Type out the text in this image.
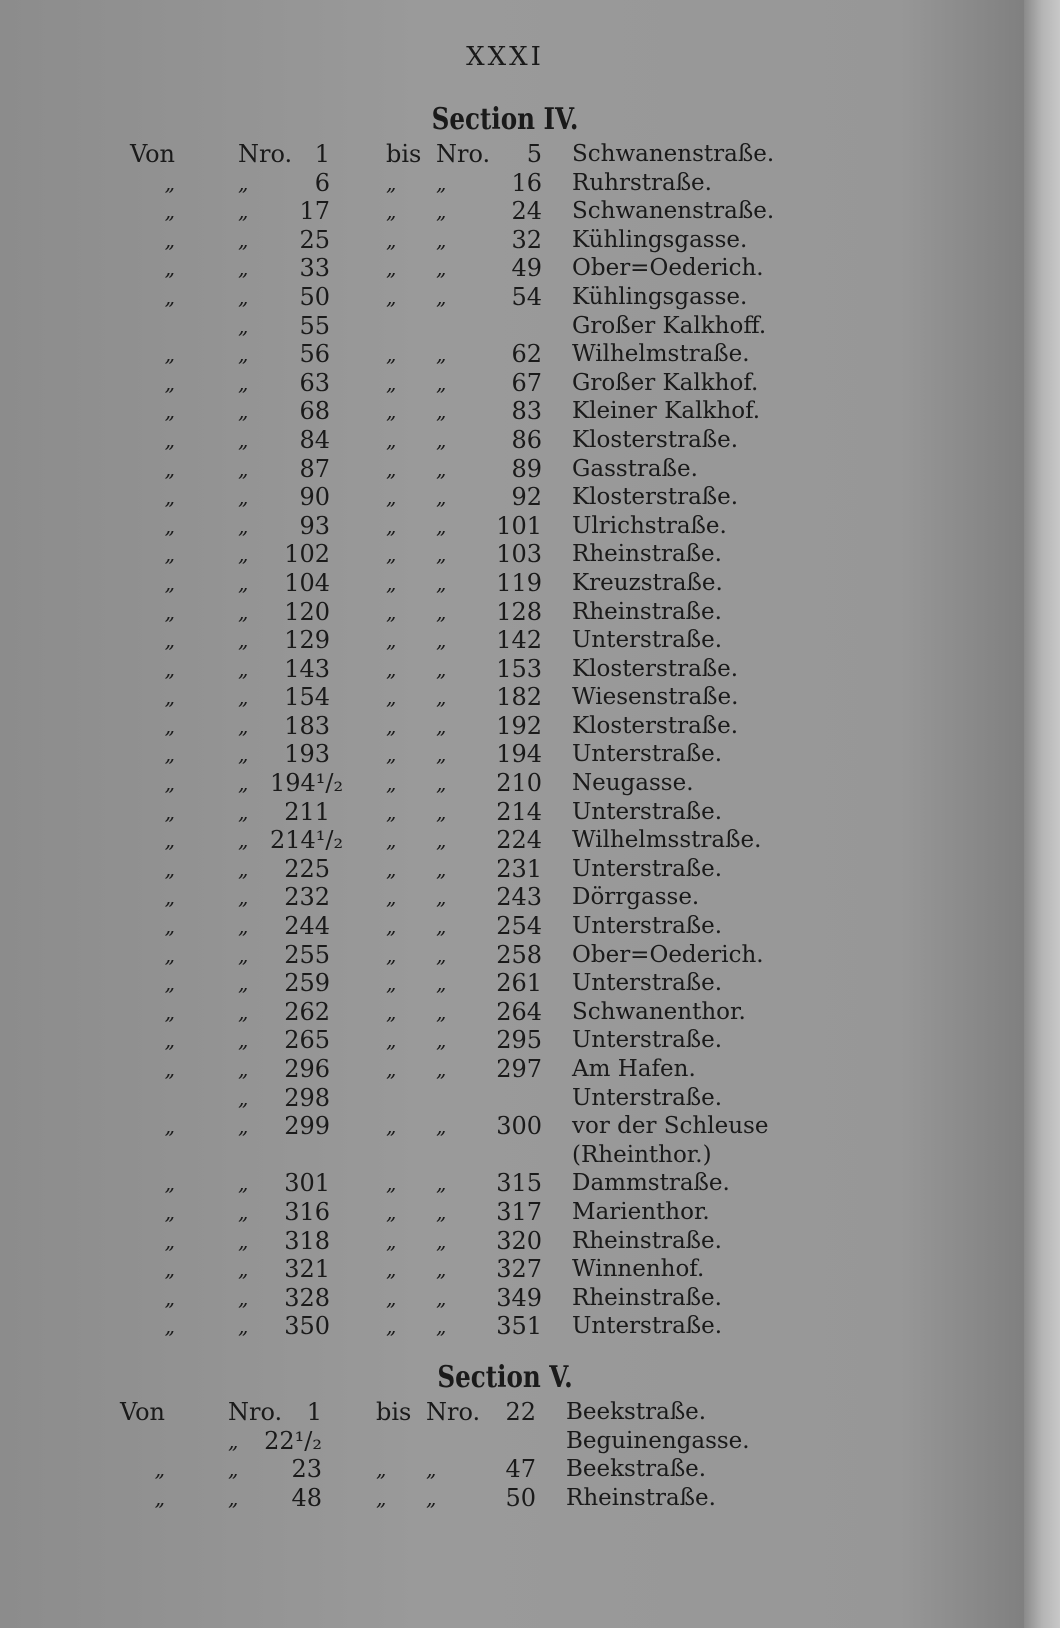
XXXI
Section IV.
Von	Nro. 1 bis Nro.	5 Schwanenstraße.
„	„	6	„ „	16 Ruhrstraße.
„	„	17	„ „	24 Schwanenstraße.
„	„	25	„ „	32 Kühlingsgasse.
„	„	33	„ „	49 Ober=Oederich.
„	„	50	„ „	54 Kühlingsgasse.
„	55	Großer Kalkhoff.
„	„	56	„ „	62 Wilhelmstraße.
„	„	63	„ „	67 Großer Kalkhof.
„	„	68	„ „	83 Kleiner Kalkhof.
„	„	84	„ „	86 Klosterstraße.
„	„	87	„ „	89 Gasstraße.
„	„	90	„ „	92 Klosterstraße.
„	„	93	„ „ 101 Ulrichstraße.
„	„	102	„ „ 103 Rheinstraße.
„	„	104	„ „ 119 Kreuzstraße.
„	„	120	„ „ 128 Rheinstraße.
„	„	129	„ „ 142 Unterstraße.
„	„	143	„ „ 153 Klosterstraße.
„	„	154	„ „ 182 Wiesenstraße.
„	„	183	„ „ 192 Klosterstraße.
„	„	193	„ „ 194 Unterstraße.
„	„ 194¹/₂ „ „ 210 Neugasse.
„	„	211	„ „ 214 Unterstraße.
„	„ 214¹/₂ „ „ 224 Wilhelmsstraße.
„	„	225	„ „ 231 Unterstraße.
„	„	232	„ „ 243 Dörrgasse.
„	„	244	„ „ 254 Unterstraße.
„	„	255	„ „ 258 Ober=Oederich.
„	„	259	„ „ 261 Unterstraße.
„	„	262	„ „ 264 Schwanenthor.
„	„	265	„ „ 295 Unterstraße.
„	„	296	„ „ 297 Am Hafen.
„	298	Unterstraße.
„	„	299	„ „ 300 vor der Schleuse
(Rheinthor.)
„	„	301	„ „ 315 Dammstraße.
„	„	316	„ „ 317 Marienthor.
„	„	318	„ „ 320 Rheinstraße.
„	„	321	„ „ 327 Winnenhof.
„	„	328	„ „ 349 Rheinstraße.
„	„	350	„ „ 351 Unterstraße.
Section V.
Von	Nro.	1 bis Nro.	22 Beekstraße.
„ 22¹/₂	Beguinengasse.
„	„	23	„ „	47 Beekstraße.
„	„	48	„ „	50 Rheinstraße.
